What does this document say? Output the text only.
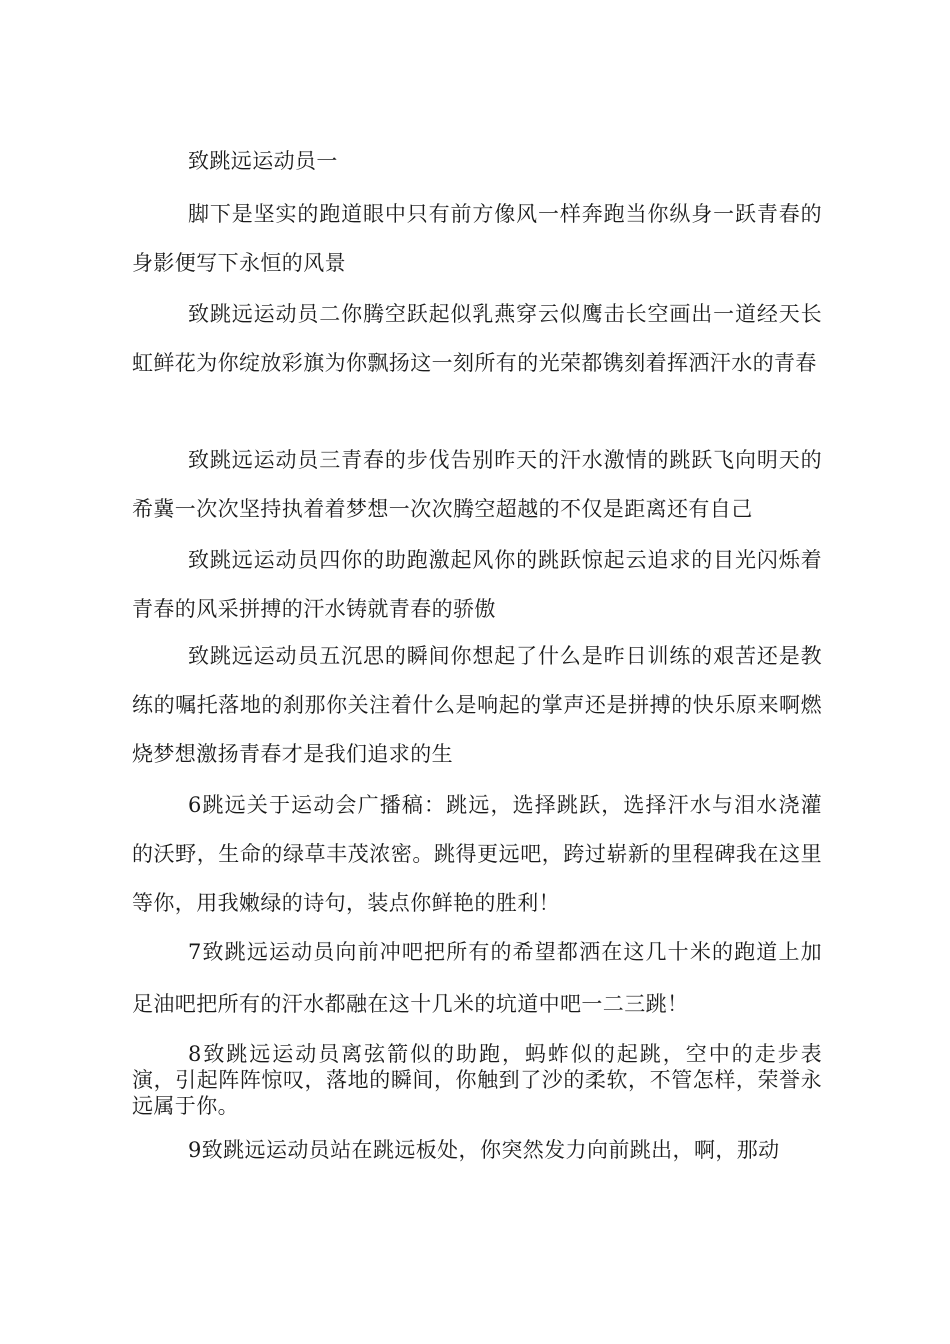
致跳远运动员一

脚下是坚实的跑道眼中只有前方像风一样奔跑当你纵身一跃青春的身影便写下永恒的风景

致跳远运动员二你腾空跃起似乳燕穿云似鹰击长空画出一道经天长虹鲜花为你绽放彩旗为你飘扬这一刻所有的光荣都镌刻着挥洒汗水的青春

致跳远运动员三青春的步伐告别昨天的汗水激情的跳跃飞向明天的希冀一次次坚持执着着梦想一次次腾空超越的不仅是距离还有自己

致跳远运动员四你的助跑激起风你的跳跃惊起云追求的目光闪烁着青春的风采拼搏的汗水铸就青春的骄傲

致跳远运动员五沉思的瞬间你想起了什么是昨日训练的艰苦还是教练的嘱托落地的刹那你关注着什么是响起的掌声还是拼搏的快乐原来啊燃烧梦想激扬青春才是我们追求的生

6跳远关于运动会广播稿：跳远，选择跳跃，选择汗水与泪水浇灌的沃野，生命的绿草丰茂浓密。跳得更远吧，跨过崭新的里程碑我在这里等你，用我嫩绿的诗句，装点你鲜艳的胜利！

7致跳远运动员向前冲吧把所有的希望都洒在这几十米的跑道上加足油吧把所有的汗水都融在这十几米的坑道中吧一二三跳！

8致跳远运动员离弦箭似的助跑，蚂蚱似的起跳，空中的走步表演，引起阵阵惊叹，落地的瞬间，你触到了沙的柔软，不管怎样，荣誉永远属于你。

9致跳远运动员站在跳远板处，你突然发力向前跳出，啊，那动
